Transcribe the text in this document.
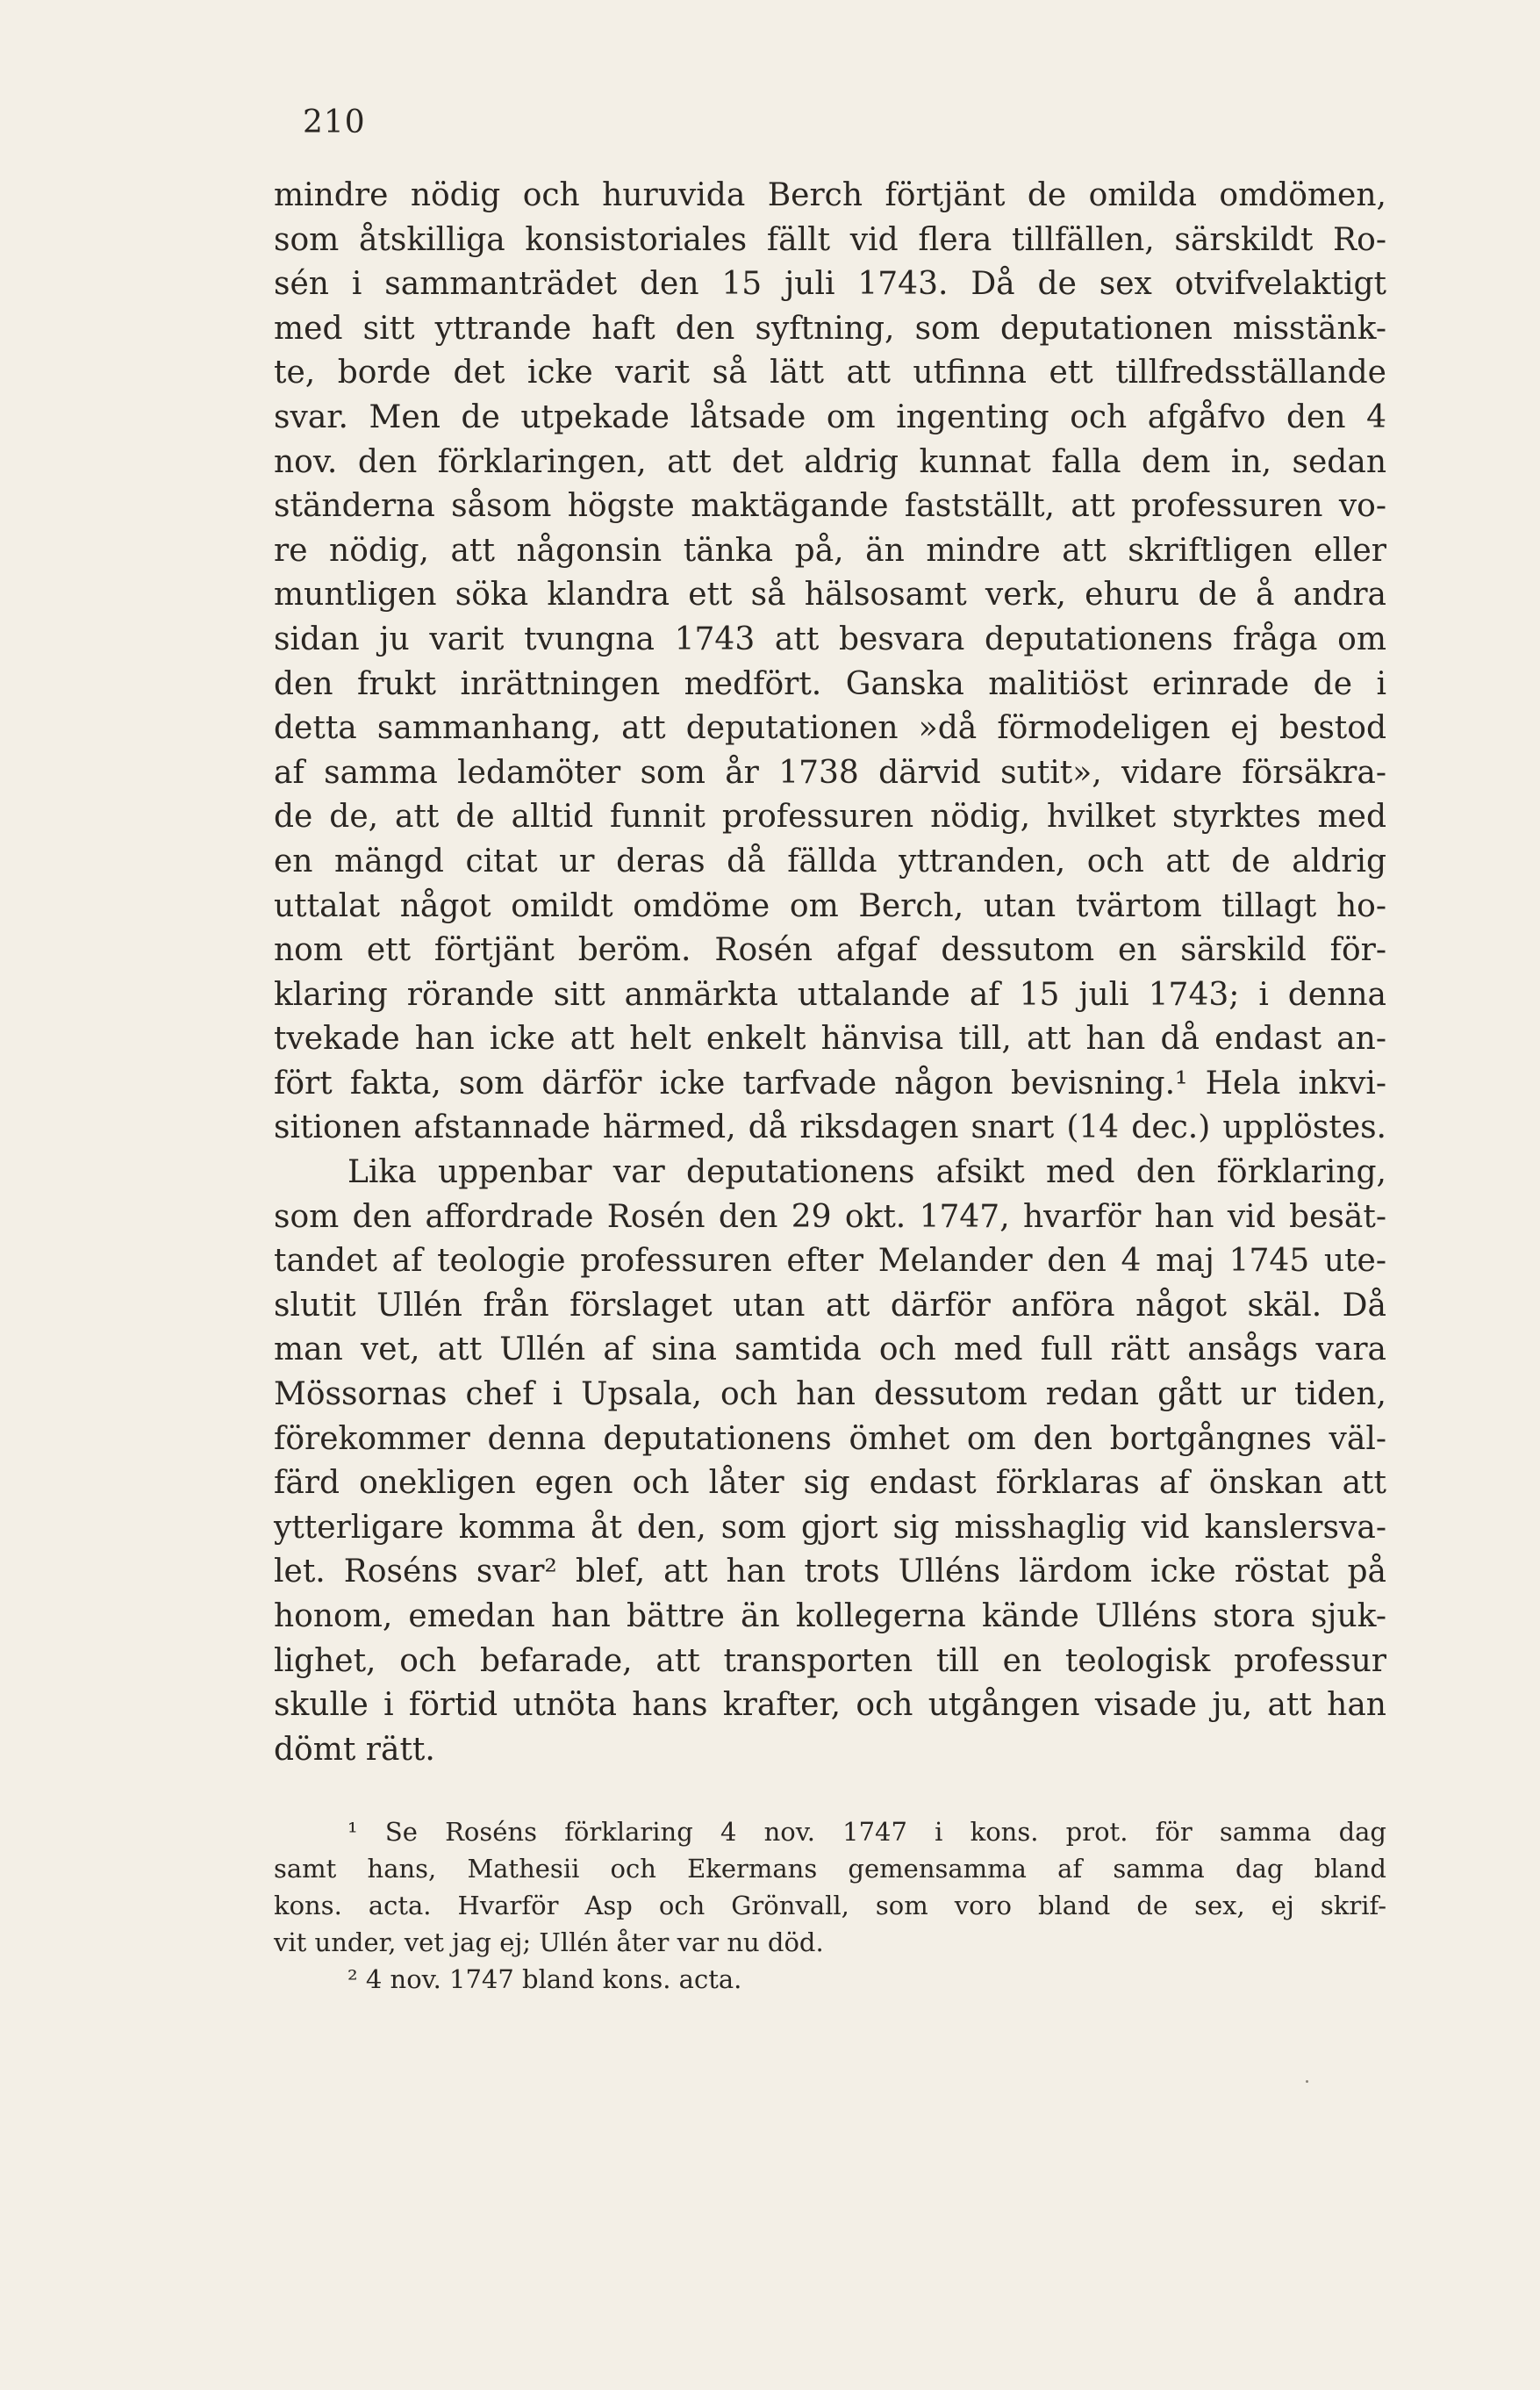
210
mindre nödig och huruvida Berch förtjänt de omilda omdömen,
som åtskilliga konsistoriales fällt vid flera tillfällen, särskildt Ro-
sén i sammanträdet den 15 juli 1743. Då de sex otvifvelaktigt
med sitt yttrande haft den syftning, som deputationen misstänk-
te, borde det icke varit så lätt att utfinna ett tillfredsställande
svar. Men de utpekade låtsade om ingenting och afgåfvo den 4
nov. den förklaringen, att det aldrig kunnat falla dem in, sedan
ständerna såsom högste maktägande fastställt, att professuren vo-
re nödig, att någonsin tänka på, än mindre att skriftligen eller
muntligen söka klandra ett så hälsosamt verk, ehuru de å andra
sidan ju varit tvungna 1743 att besvara deputationens fråga om
den frukt inrättningen medfört. Ganska malitiöst erinrade de i
detta sammanhang, att deputationen »då förmodeligen ej bestod
af samma ledamöter som år 1738 därvid sutit», vidare försäkra-
de de, att de alltid funnit professuren nödig, hvilket styrktes med
en mängd citat ur deras då fällda yttranden, och att de aldrig
uttalat något omildt omdöme om Berch, utan tvärtom tillagt ho-
nom ett förtjänt beröm. Rosén afgaf dessutom en särskild för-
klaring rörande sitt anmärkta uttalande af 15 juli 1743; i denna
tvekade han icke att helt enkelt hänvisa till, att han då endast an-
fört fakta, som därför icke tarfvade någon bevisning.¹ Hela inkvi-
sitionen afstannade härmed, då riksdagen snart (14 dec.) upplöstes.
Lika uppenbar var deputationens afsikt med den förklaring,
som den affordrade Rosén den 29 okt. 1747, hvarför han vid besät-
tandet af teologie professuren efter Melander den 4 maj 1745 ute-
slutit Ullén från förslaget utan att därför anföra något skäl. Då
man vet, att Ullén af sina samtida och med full rätt ansågs vara
Mössornas chef i Upsala, och han dessutom redan gått ur tiden,
förekommer denna deputationens ömhet om den bortgångnes väl-
färd onekligen egen och låter sig endast förklaras af önskan att
ytterligare komma åt den, som gjort sig misshaglig vid kanslersva-
let. Roséns svar² blef, att han trots Ulléns lärdom icke röstat på
honom, emedan han bättre än kollegerna kände Ulléns stora sjuk-
lighet, och befarade, att transporten till en teologisk professur
skulle i förtid utnöta hans krafter, och utgången visade ju, att han
dömt rätt.
¹ Se Roséns förklaring 4 nov. 1747 i kons. prot. för samma dag
samt hans, Mathesii och Ekermans gemensamma af samma dag bland
kons. acta. Hvarför Asp och Grönvall, som voro bland de sex, ej skrif-
vit under, vet jag ej; Ullén åter var nu död.
² 4 nov. 1747 bland kons. acta.
